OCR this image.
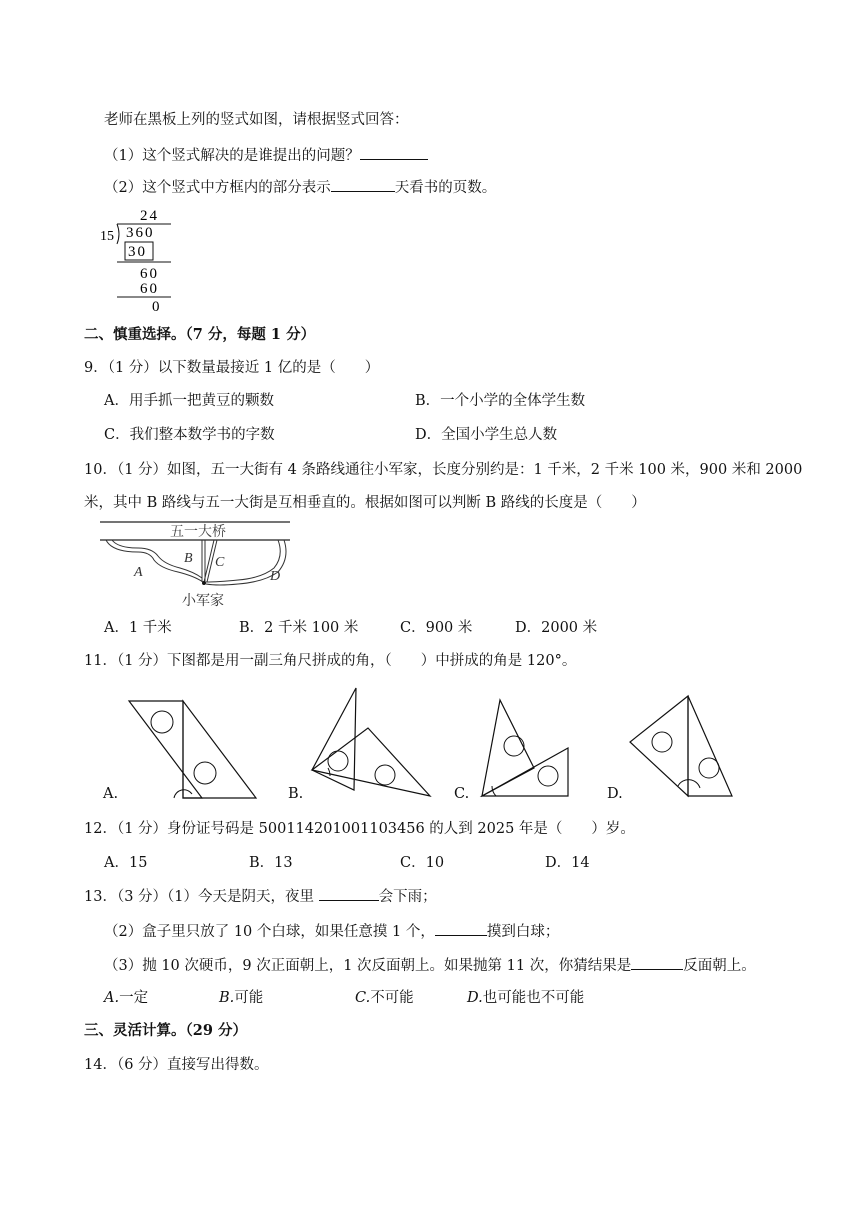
老师在黑板上列的竖式如图，请根据竖式回答：
（1）这个竖式解决的是谁提出的问题？
（2）这个竖式中方框内的部分表示	天看书的页数。
24
15 360
30
60
60
0
二、慎重选择。（7 分，每题 1 分）
9．（1 分）以下数量最接近 1 亿的是（　　）
A．用手抓一把黄豆的颗数	B．一个小学的全体学生数
C．我们整本数学书的字数	D．全国小学生总人数
10．（1 分）如图，五一大街有 4 条路线通往小军家，长度分别约是：1 千米，2 千米 100 米，900 米和 2000
米，其中 B 路线与五一大街是互相垂直的。根据如图可以判断 B 路线的长度是（　　）
五一大桥
A
B C
D
小军家
A．1 千米	B．2 千米 100 米	C．900 米	D．2000 米
11．（1 分）下图都是用一副三角尺拼成的角，（　　）中拼成的角是 120°。
A.	B.	C.	D.
12．（1 分）身份证号码是 500114201001103456 的人到 2025 年是（　　）岁。
A．15	B．13	C．10	D．14
13．（3 分）（1）今天是阴天，夜里	会下雨；
（2）盒子里只放了 10 个白球，如果任意摸 1 个，	摸到白球；
（3）抛 10 次硬币，9 次正面朝上，1 次反面朝上。如果抛第 11 次，你猜结果是	反面朝上。
A.一定	B.可能	C.不可能	D.也可能也不可能
三、灵活计算。（29 分）
14．（6 分）直接写出得数。
